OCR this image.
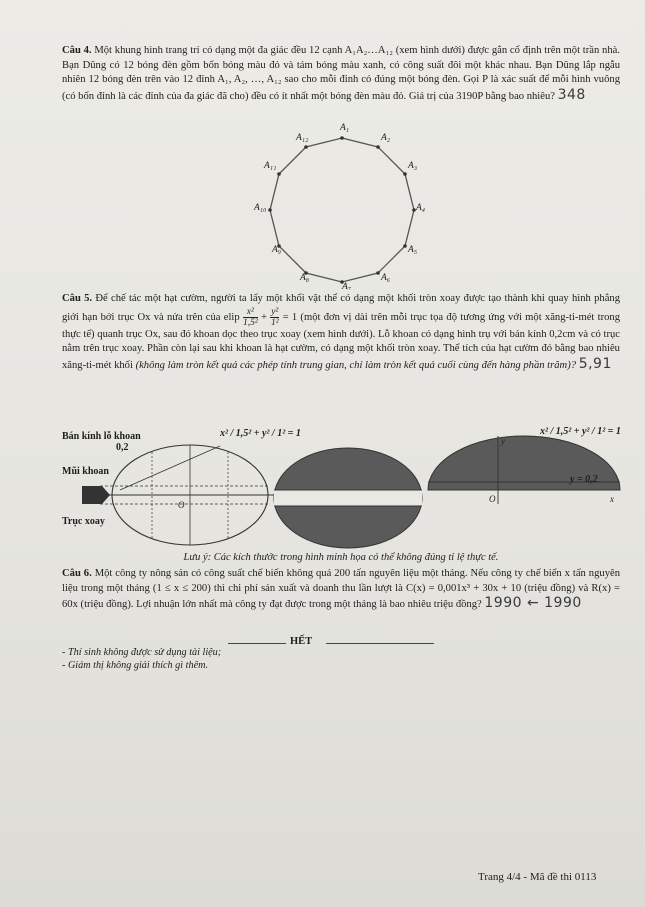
Câu 4. Một khung hình trang trí có dạng một đa giác đều 12 cạnh A₁A₂…A₁₂ (xem hình dưới) được gắn cố định trên một trần nhà. Bạn Dũng có 12 bóng đèn gồm bốn bóng màu đỏ và tám bóng màu xanh, có công suất đôi một khác nhau. Bạn Dũng lắp ngẫu nhiên 12 bóng đèn trên vào 12 đỉnh A₁, A₂, …, A₁₂ sao cho mỗi đỉnh có đúng một bóng đèn. Gọi P là xác suất để mỗi hình vuông (có bốn đỉnh là các đỉnh của đa giác đã cho) đều có ít nhất một bóng đèn màu đỏ. Giá trị của 3190P bằng bao nhiêu? 348
A₁
A₂
A₃
A₄
A₅
A₆
A₇
A₈
A₉
A₁₀
A₁₁
A₁₂
Câu 5. Để chế tác một hạt cườm, người ta lấy một khối vật thể có dạng một khối tròn xoay được tạo thành khi quay hình phẳng giới hạn bởi trục Ox và nửa trên của elip $\frac{\text{x²}}{\text{1,5²}} + \frac{\text{y²}}{\text{1²}} = 1$ (một đơn vị dài trên mỗi trục tọa độ tương ứng với một xăng-ti-mét trong thực tế) quanh trục Ox, sau đó khoan dọc theo trục xoay (xem hình dưới). Lỗ khoan có dạng hình trụ với bán kính 0,2cm và có trục nằm trên trục xoay. Phần còn lại sau khi khoan là hạt cườm, có dạng một khối tròn xoay. Thể tích của hạt cườm đó bằng bao nhiêu xăng-ti-mét khối (không làm tròn kết quả các phép tính trung gian, chỉ làm tròn kết quả cuối cùng đến hàng phần trăm)? 5,91
Bán kính lỗ khoan
0,2
Mũi khoan
Trục xoay
x² / 1,5² + y² / 1² = 1
O
x² / 1,5² + y² / 1² = 1
y
O	x
y = 0,2
Lưu ý: Các kích thước trong hình minh họa có thể không đúng tỉ lệ thực tế.
Câu 6. Một công ty nông sản có công suất chế biến không quá 200 tấn nguyên liệu một tháng. Nếu công ty chế biến x tấn nguyên liệu trong một tháng (1 ≤ x ≤ 200) thì chi phí sản xuất và doanh thu lần lượt là C(x) = 0,001x³ + 30x + 10 (triệu đồng) và R(x) = 60x (triệu đồng). Lợi nhuận lớn nhất mà công ty đạt được trong một tháng là bao nhiêu triệu đồng? 1990 ← 1990
HẾT
- Thí sinh không được sử dụng tài liệu;
- Giám thị không giải thích gì thêm.
Trang 4/4 - Mã đề thi 0113
